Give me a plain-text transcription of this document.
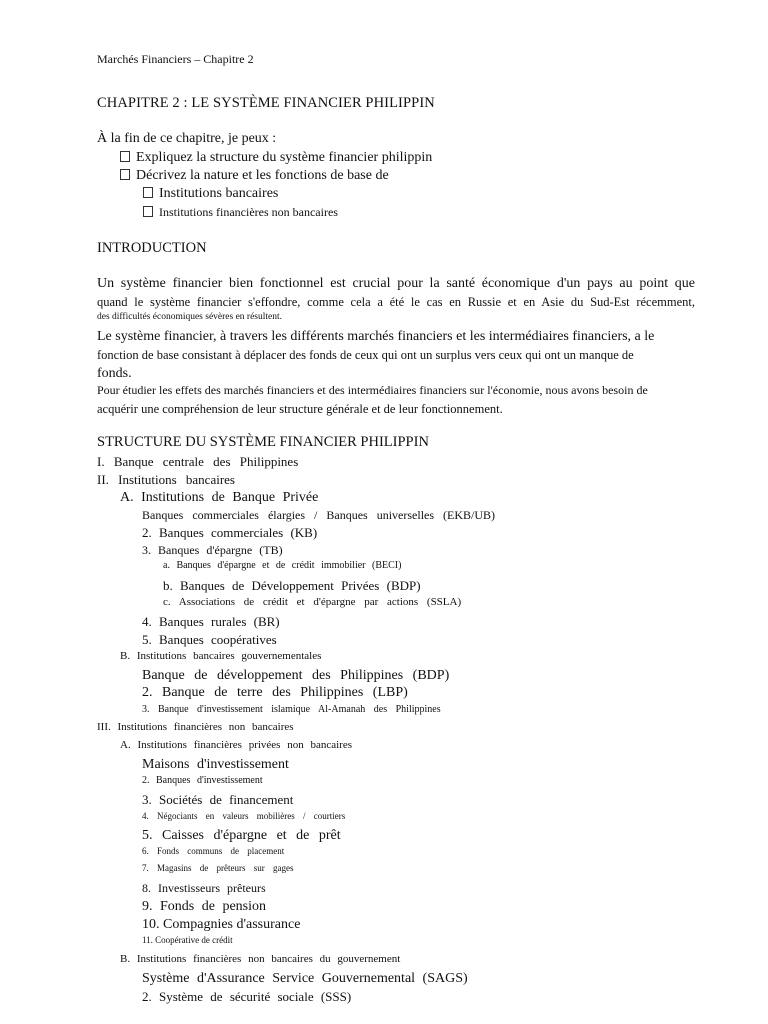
Marchés Financiers – Chapitre 2
CHAPITRE 2 : LE SYSTÈME FINANCIER PHILIPPIN
À la fin de ce chapitre, je peux :
Expliquez la structure du système financier philippin
Décrivez la nature et les fonctions de base de
Institutions bancaires
Institutions financières non bancaires
INTRODUCTION
Un système financier bien fonctionnel est crucial pour la santé économique d'un pays au point que
quand le système financier s'effondre, comme cela a été le cas en Russie et en Asie du Sud-Est récemment,
des difficultés économiques sévères en résultent.
Le système financier, à travers les différents marchés financiers et les intermédiaires financiers, a le
fonction de base consistant à déplacer des fonds de ceux qui ont un surplus vers ceux qui ont un manque de
fonds.
Pour étudier les effets des marchés financiers et des intermédiaires financiers sur l'économie, nous avons besoin de
acquérir une compréhension de leur structure générale et de leur fonctionnement.
STRUCTURE DU SYSTÈME FINANCIER PHILIPPIN
I. Banque centrale des Philippines
II. Institutions bancaires
A. Institutions de Banque Privée
Banques commerciales élargies / Banques universelles (EKB/UB)
2. Banques commerciales (KB)
3. Banques d'épargne (TB)
a. Banques d'épargne et de crédit immobilier (BECI)
b. Banques de Développement Privées (BDP)
c. Associations de crédit et d'épargne par actions (SSLA)
4. Banques rurales (BR)
5. Banques coopératives
B. Institutions bancaires gouvernementales
Banque de développement des Philippines (BDP)
2. Banque de terre des Philippines (LBP)
3. Banque d'investissement islamique Al-Amanah des Philippines
III. Institutions financières non bancaires
A. Institutions financières privées non bancaires
Maisons d'investissement
2. Banques d'investissement
3. Sociétés de financement
4. Négociants en valeurs mobilières / courtiers
5. Caisses d'épargne et de prêt
6. Fonds communs de placement
7. Magasins de prêteurs sur gages
8. Investisseurs prêteurs
9. Fonds de pension
10. Compagnies d'assurance
11. Coopérative de crédit
B. Institutions financières non bancaires du gouvernement
Système d'Assurance Service Gouvernemental (SAGS)
2. Système de sécurité sociale (SSS)
